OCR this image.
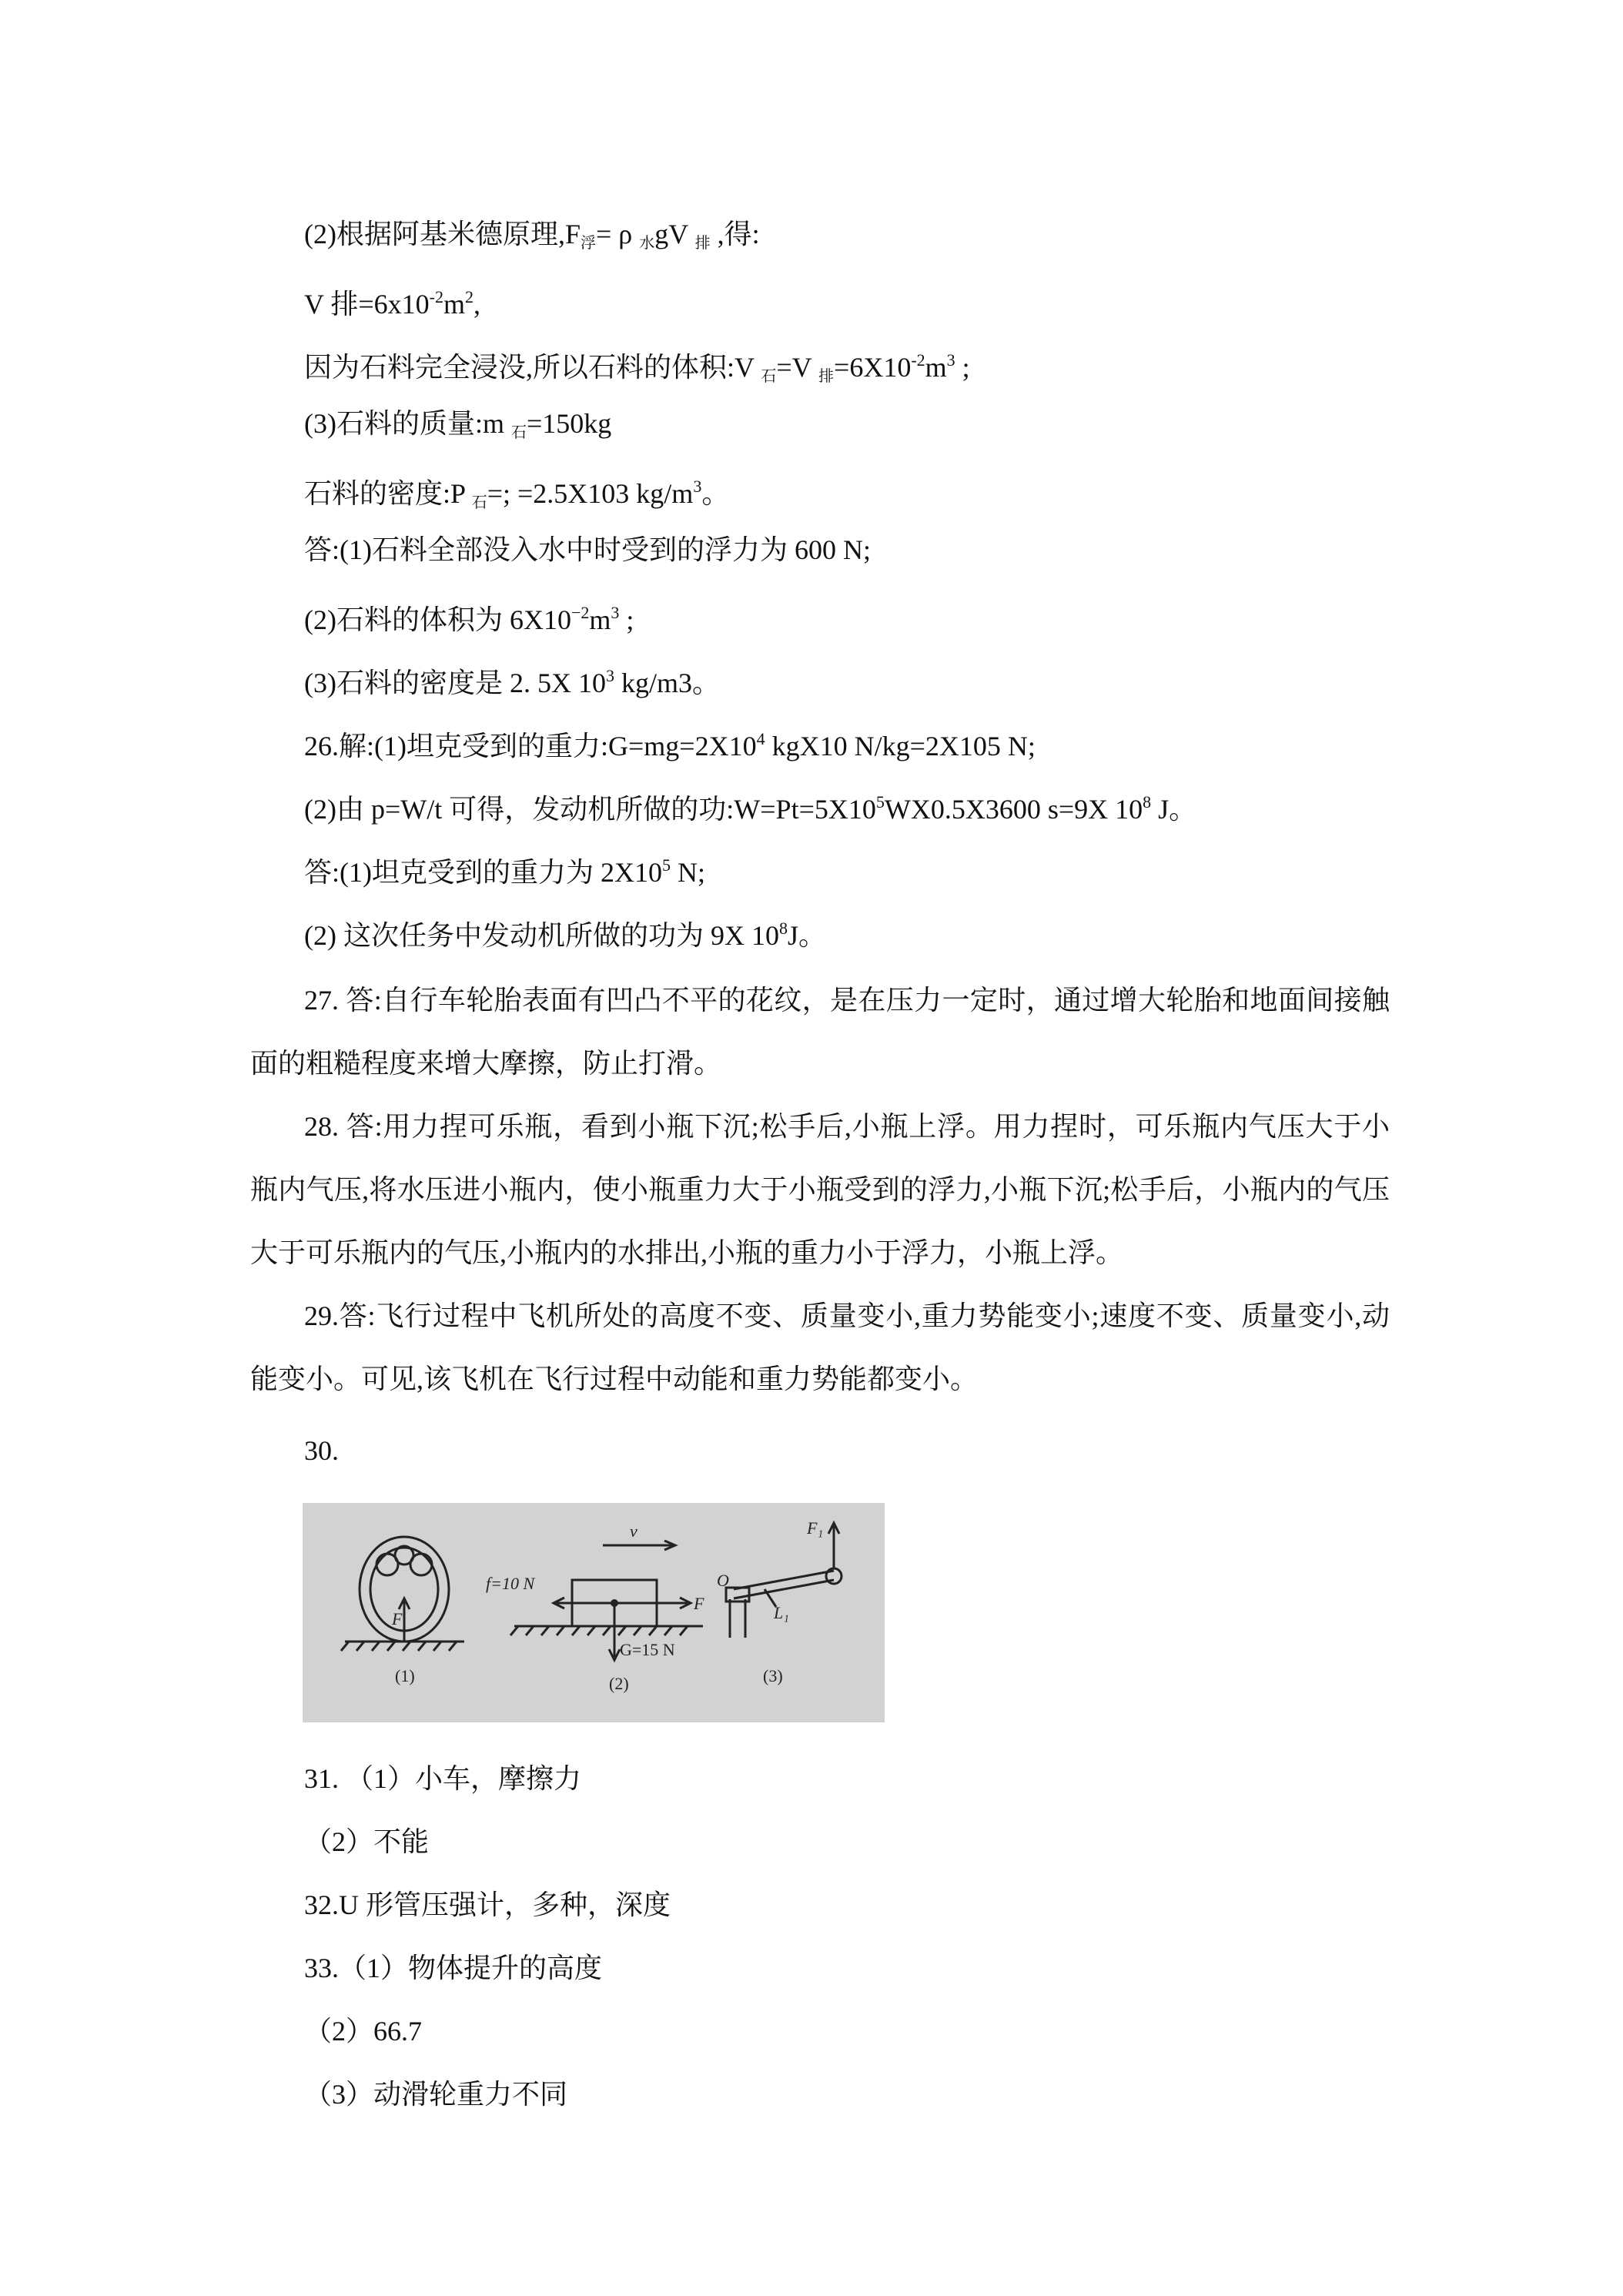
(2)根据阿基米德原理$,F_浮= \rho$ $_水$gV $_排$ ,得:
V 排$=6x10^{-2}m^2$,
因为石料完全浸没,所以石料的体积:V $_石$=V $_排=6X10^{-2}m^3$ ;
(3)石料的质量:m $_石$=150kg
石料的密度:P $_石$=; =2.5X103 $kg/m^3$。
答:(1)石料全部没入水中时受到的浮力为 600 N;
(2)石料的体积为 $6X10^{-2}m^3$ ;
(3)石料的密度是 2. 5X $10^3$ kg/m3。
26.解:(1)坦克受到的重力$:G=mg=2X10^4$ kgX10 N/kg=2X105 N;
(2)由 p=W/t 可得，发动机所做的功$:W=Pt=5X10^5WX0.5X3600$ s=9X $10^8$ J。
答:(1)坦克受到的重力为 $2X10^5$ N;
(2) 这次任务中发动机所做的功为 9X $10^8J$。
27. 答:自行车轮胎表面有凹凸不平的花纹，是在压力一定时，通过增大轮胎和地面间接触面的粗糙程度来增大摩擦，防止打滑。
28. 答:用力捏可乐瓶，看到小瓶下沉;松手后,小瓶上浮。用力捏时，可乐瓶内气压大于小瓶内气压,将水压进小瓶内，使小瓶重力大于小瓶受到的浮力,小瓶下沉;松手后，小瓶内的气压大于可乐瓶内的气压,小瓶内的水排出,小瓶的重力小于浮力，小瓶上浮。
29.答:飞行过程中飞机所处的高度不变、质量变小,重力势能变小;速度不变、质量变小,动能变小。可见,该飞机在飞行过程中动能和重力势能都变小。
30.
F
(1)
v
f=10 N
F
G=15 N
(2)
F₁
O
L₁
(3)
31. （1）小车，摩擦力
（2）不能
32.U 形管压强计，多种，深度
33.（1）物体提升的高度
（2）66.7
（3）动滑轮重力不同
